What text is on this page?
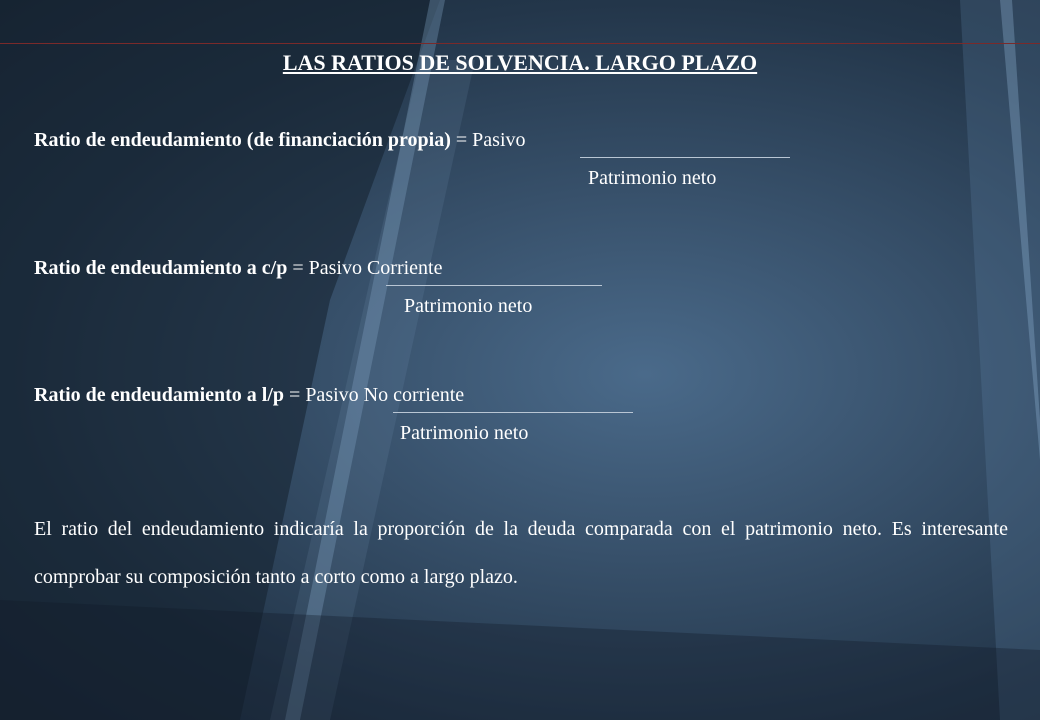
LAS RATIOS DE SOLVENCIA. LARGO PLAZO
Ratio de endeudamiento (de financiación propia) = Pasivo
Patrimonio neto
Ratio de endeudamiento a c/p = Pasivo Corriente
Patrimonio neto
Ratio de endeudamiento a l/p = Pasivo No corriente
Patrimonio neto
El ratio del endeudamiento indicaría la proporción de la deuda comparada con el patrimonio neto. Es interesante comprobar su composición tanto a corto como a largo plazo.
